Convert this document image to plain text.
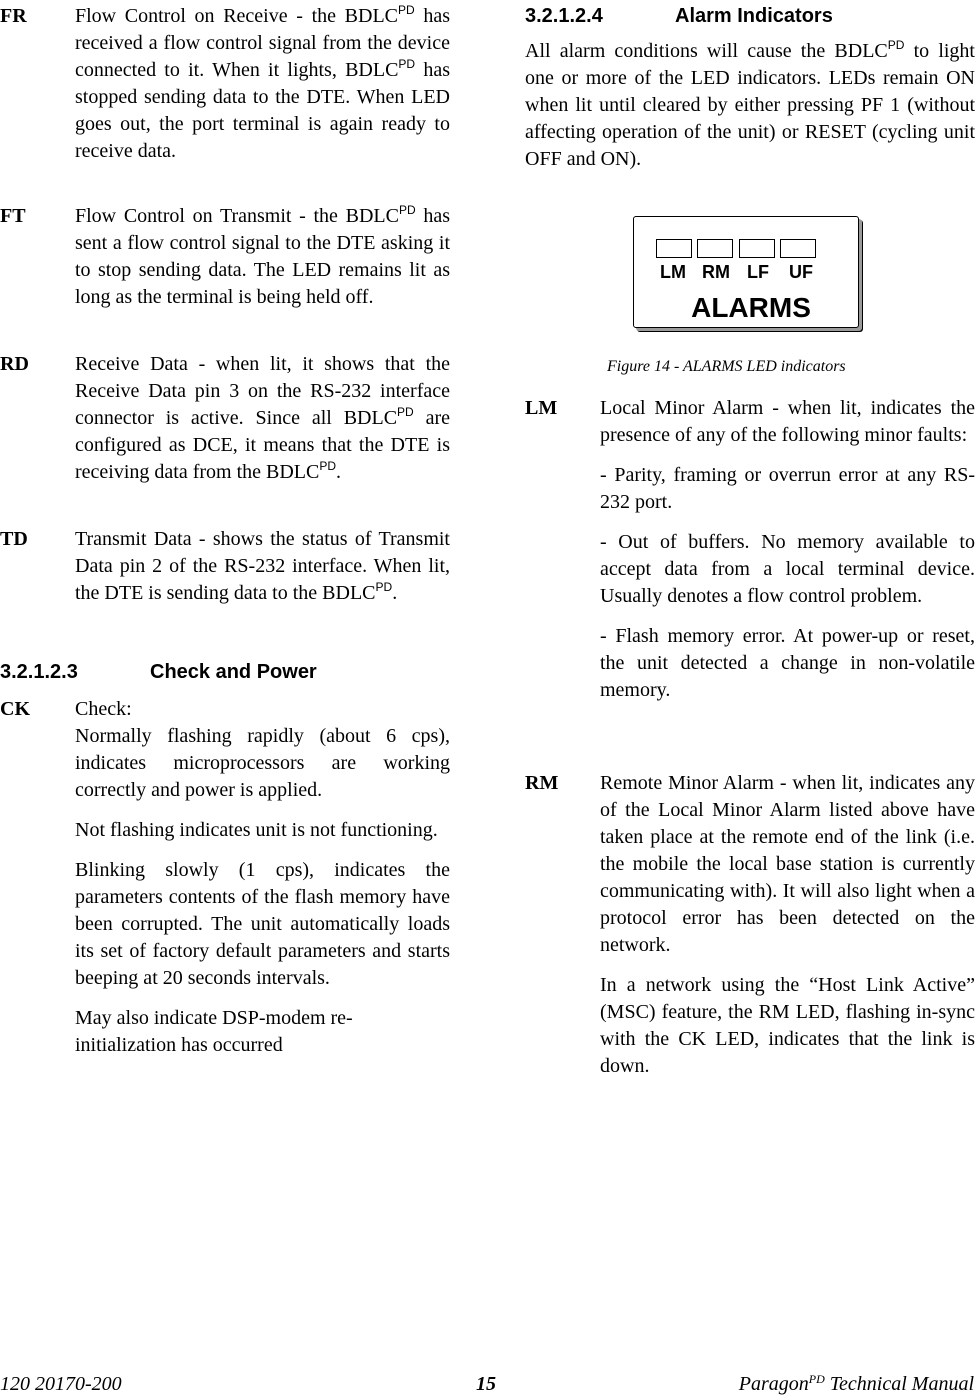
FR Flow Control on Receive - the $BDLC^{PD}$ has received a flow control signal from the device connected to it. When it lights, $BDLC^{PD}$ has stopped sending data to the DTE. When LED goes out, the port terminal is again ready to receive data.

FT Flow Control on Transmit - the $BDLC^{PD}$ has sent a flow control signal to the DTE asking it to stop sending data. The LED remains lit as long as the terminal is being held off.

RD Receive Data - when lit, it shows that the Receive Data pin 3 on the RS-232 interface connector is active. Since all $BDLC^{PD}$ are configured as DCE, it means that the DTE is receiving data from the $BDLC^{PD}$.

TD Transmit Data - shows the status of Transmit Data pin 2 of the RS-232 interface. When lit, the DTE is sending data to the $BDLC^{PD}$.

3.2.1.2.3	Check and Power
CK Check:

Normally flashing rapidly (about 6 cps), indicates microprocessors are working correctly and power is applied.

Not flashing indicates unit is not functioning.

Blinking slowly (1 cps), indicates the parameters contents of the flash memory have been corrupted. The unit automatically loads its set of factory default parameters and starts beeping at 20 seconds intervals.

May also indicate DSP-modem re-initialization has occurred

3.2.1.2.4	Alarm Indicators

All alarm conditions will cause the $BDLC^{PD}$ to light one or more of the LED indicators. LEDs remain ON when lit until cleared by either pressing PF 1 (without affecting operation of the unit) or RESET (cycling unit OFF and ON).

LM Local Minor Alarm - when lit, indicates the presence of any of the following minor faults:

- Parity, framing or overrun error at any RS-232 port.

- Out of buffers. No memory available to accept data from a local terminal device. Usually denotes a flow control problem.

- Flash memory error. At power-up or reset, the unit detected a change in non-volatile memory.

RM Remote Minor Alarm - when lit, indicates any of the Local Minor Alarm listed above have taken place at the remote end of the link (i.e. the mobile the local base station is currently communicating with). It will also light when a protocol error has been detected on the network.

In a network using the “Host Link Active” (MSC) feature, the RM LED, flashing in-sync with the CK LED, indicates that the link is down.

LM RM LF UF
ALARMS
Figure 14 - ALARMS LED indicators
120 20170-200	15	Paragon$^{PD}$ Technical Manual
